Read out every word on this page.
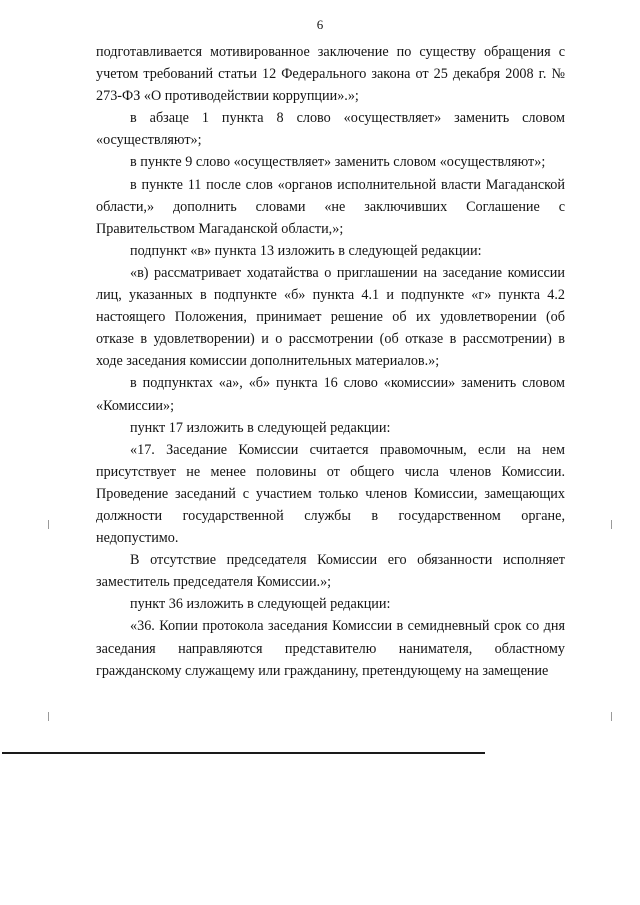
6

подготавливается мотивированное заключение по существу обращения с учетом требований статьи 12 Федерального закона от 25 декабря 2008 г. № 273-ФЗ «О противодействии коррупции».»;

в абзаце 1 пункта 8 слово «осуществляет» заменить словом «осуществляют»;

в пункте 9 слово «осуществляет» заменить словом «осуществляют»;

в пункте 11 после слов «органов исполнительной власти Магаданской области,» дополнить словами «не заключивших Соглашение с Правительством Магаданской области,»;

подпункт «в» пункта 13 изложить в следующей редакции:

«в) рассматривает ходатайства о приглашении на заседание комиссии лиц, указанных в подпункте «б» пункта 4.1 и подпункте «г» пункта 4.2 настоящего Положения, принимает решение об их удовлетворении (об отказе в удовлетворении) и о рассмотрении (об отказе в рассмотрении) в ходе заседания комиссии дополнительных материалов.»;

в подпунктах «а», «б» пункта 16 слово «комиссии» заменить словом «Комиссии»;

пункт 17 изложить в следующей редакции:

«17. Заседание Комиссии считается правомочным, если на нем присутствует не менее половины от общего числа членов Комиссии. Проведение заседаний с участием только членов Комиссии, замещающих должности государственной службы в государственном органе, недопустимо.

В отсутствие председателя Комиссии его обязанности исполняет заместитель председателя Комиссии.»;

пункт 36 изложить в следующей редакции:

«36. Копии протокола заседания Комиссии в семидневный срок со дня заседания направляются представителю нанимателя, областному гражданскому служащему или гражданину, претендующему на замещение
